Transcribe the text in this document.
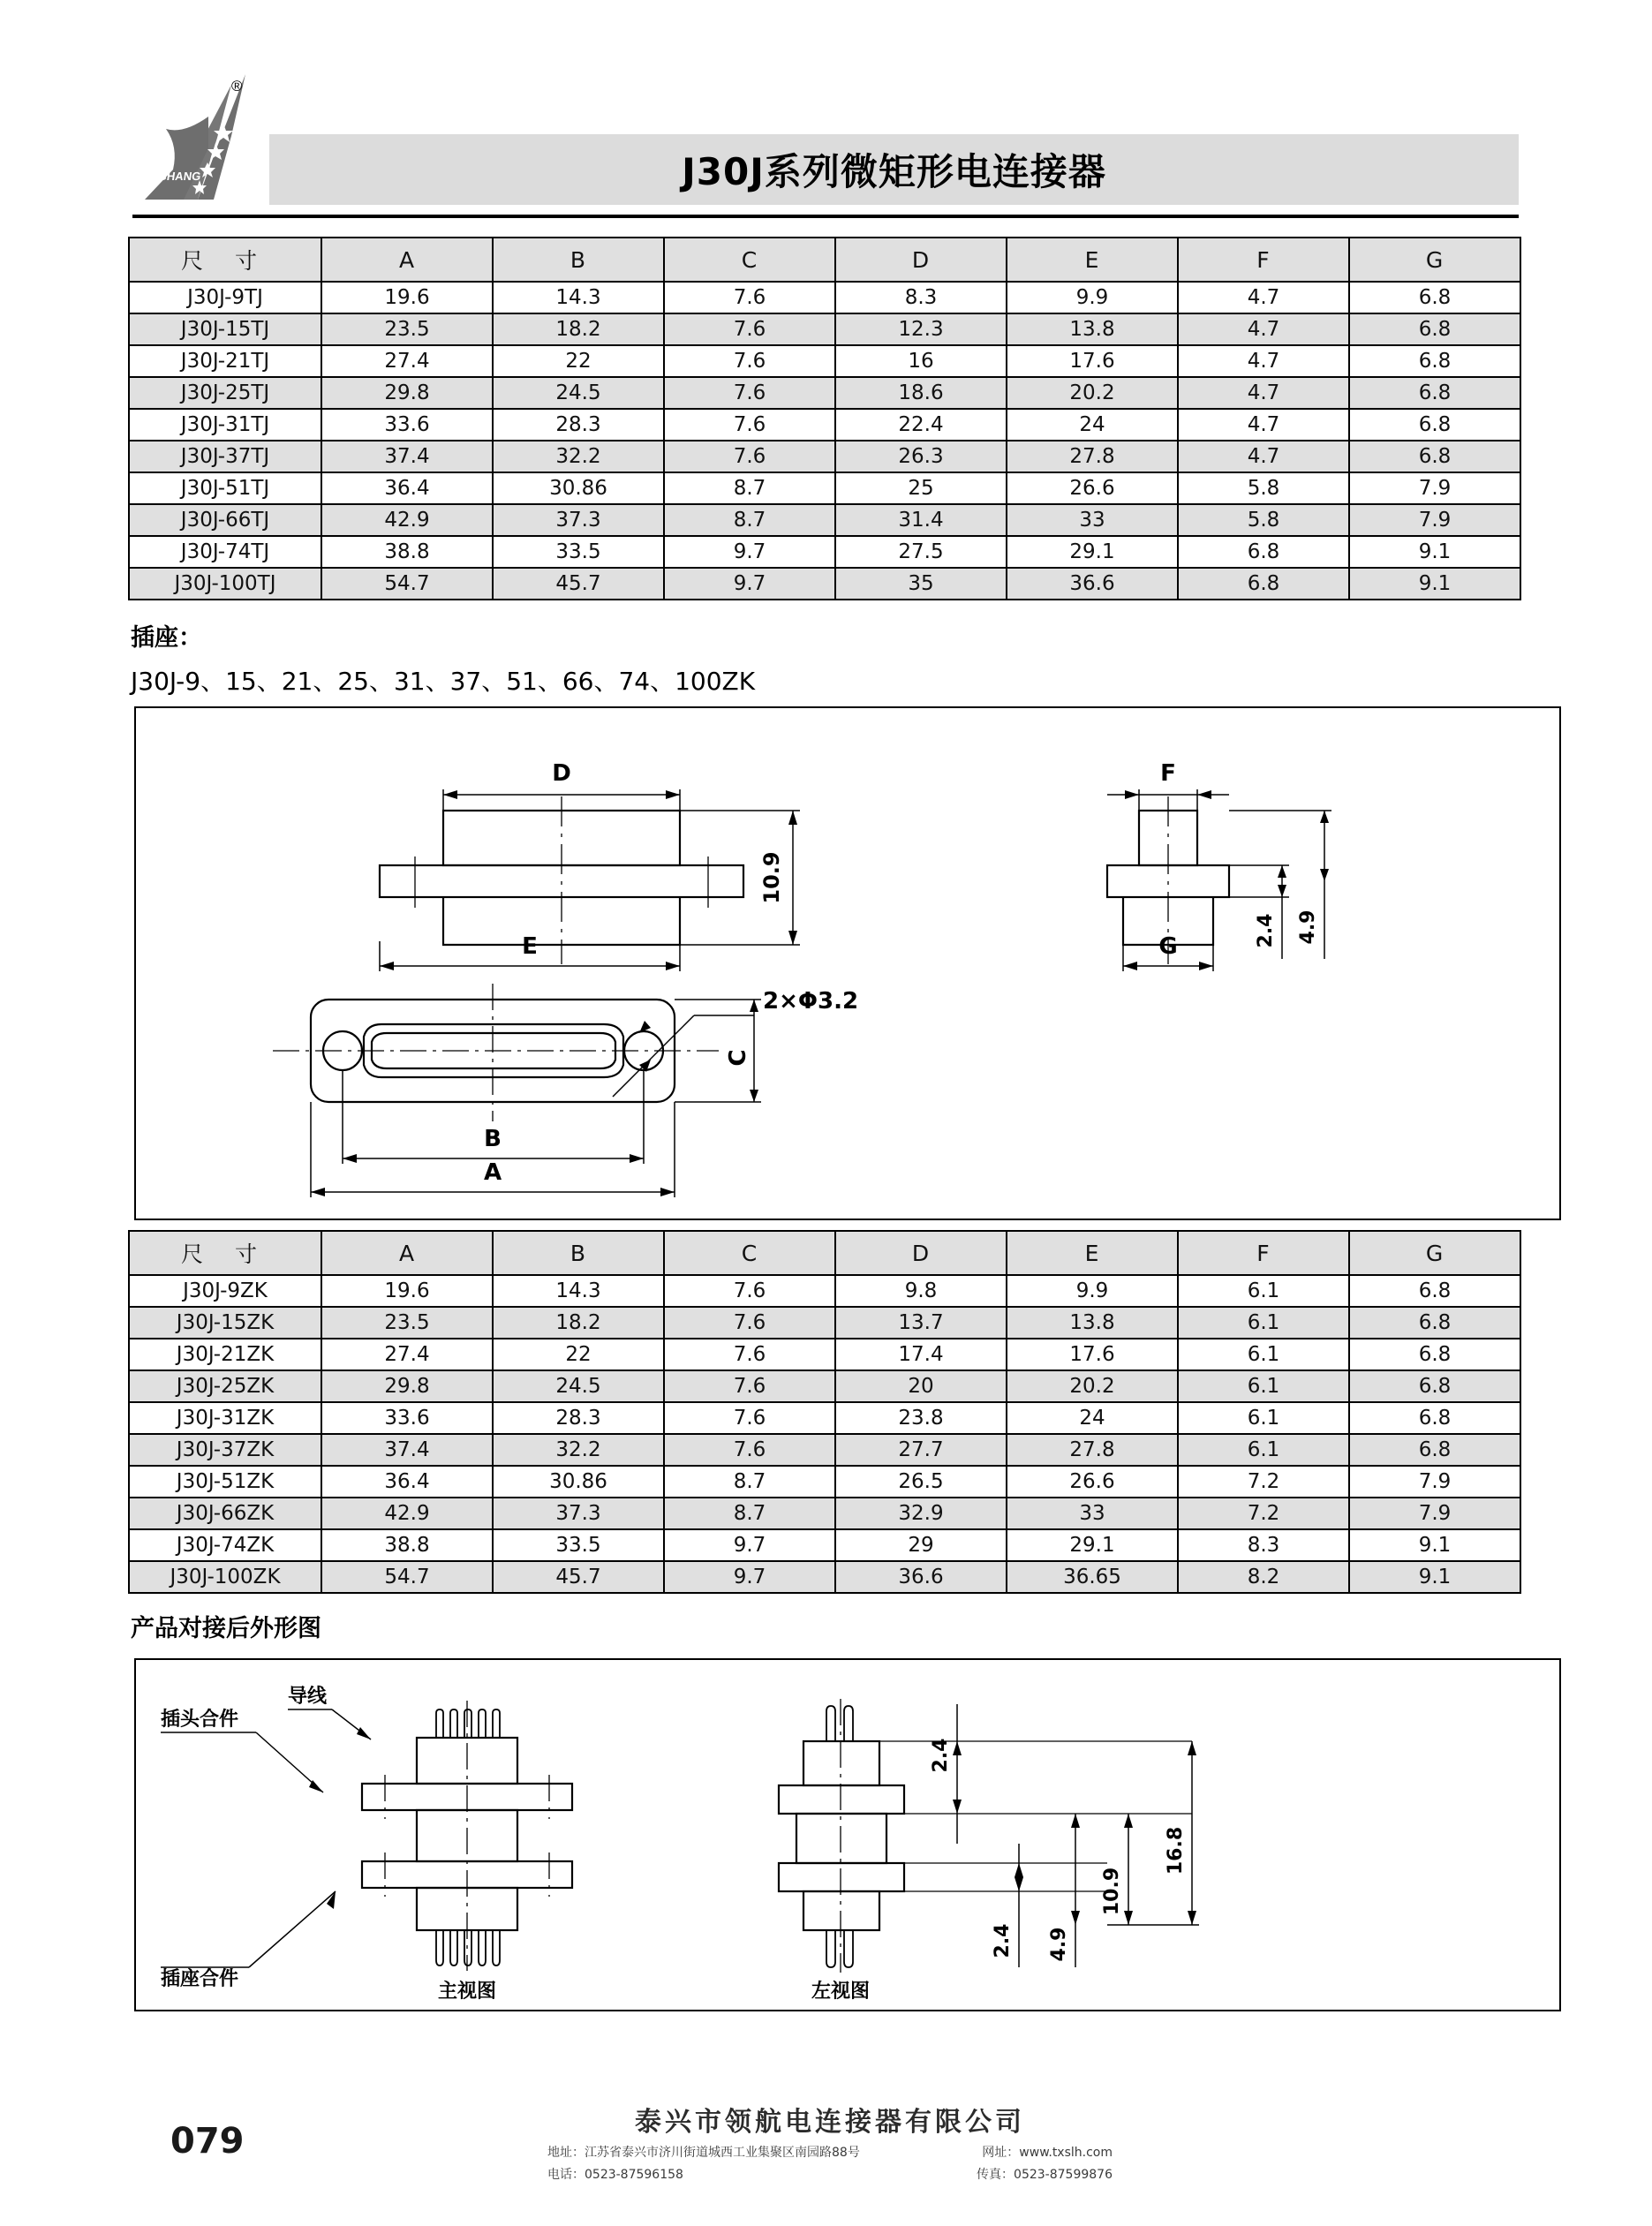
J30J系列微矩形电连接器
®
LINGHANG
尺 寸	A	B	C	D	E	F	G
J30J-9TJ	19.6	14.3	7.6	8.3	9.9	4.7	6.8
J30J-15TJ	23.5	18.2	7.6	12.3	13.8	4.7	6.8
J30J-21TJ	27.4	22	7.6	16	17.6	4.7	6.8
J30J-25TJ	29.8	24.5	7.6	18.6	20.2	4.7	6.8
J30J-31TJ	33.6	28.3	7.6	22.4	24	4.7	6.8
J30J-37TJ	37.4	32.2	7.6	26.3	27.8	4.7	6.8
J30J-51TJ	36.4	30.86	8.7	25	26.6	5.8	7.9
J30J-66TJ	42.9	37.3	8.7	31.4	33	5.8	7.9
J30J-74TJ	38.8	33.5	9.7	27.5	29.1	6.8	9.1
J30J-100TJ	54.7	45.7	9.7	35	36.6	6.8	9.1
插座：
J30J-9、15、21、25、31、37、51、66、74、100ZK
D
E
10.9
F
G	2.4 4.9
2×Φ3.2
C
B
A
尺 寸	A	B	C	D	E	F	G
J30J-9ZK	19.6	14.3	7.6	9.8	9.9	6.1	6.8
J30J-15ZK	23.5	18.2	7.6	13.7	13.8	6.1	6.8
J30J-21ZK	27.4	22	7.6	17.4	17.6	6.1	6.8
J30J-25ZK	29.8	24.5	7.6	20	20.2	6.1	6.8
J30J-31ZK	33.6	28.3	7.6	23.8	24	6.1	6.8
J30J-37ZK	37.4	32.2	7.6	27.7	27.8	6.1	6.8
J30J-51ZK	36.4	30.86	8.7	26.5	26.6	7.2	7.9
J30J-66ZK	42.9	37.3	8.7	32.9	33	7.2	7.9
J30J-74ZK	38.8	33.5	9.7	29	29.1	8.3	9.1
J30J-100ZK	54.7	45.7	9.7	36.6	36.65	8.2	9.1
产品对接后外形图
插头合件
导线
插座合件
主视图	左视图
2.4
2.4 4.9
10.9
16.8
079	泰兴市领航电连接器有限公司
地址：江苏省泰兴市济川街道城西工业集聚区南园路88号	网址：www.txslh.com
电话：0523-87596158	传真：0523-87599876
